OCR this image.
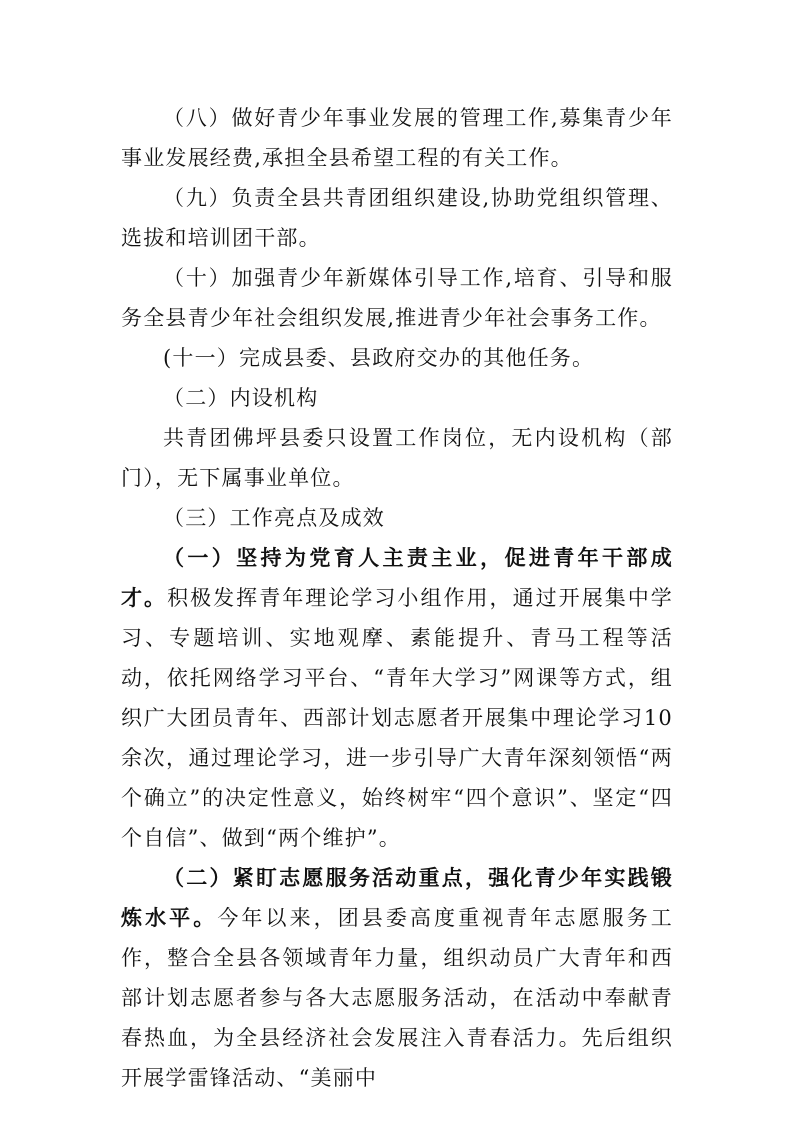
（八）做好青少年事业发展的管理工作,募集青少年事业发展经费,承担全县希望工程的有关工作。

（九）负责全县共青团组织建设,协助党组织管理、选拔和培训团干部。

（十）加强青少年新媒体引导工作,培育、引导和服务全县青少年社会组织发展,推进青少年社会事务工作。

(十一）完成县委、县政府交办的其他任务。

（二）内设机构

共青团佛坪县委只设置工作岗位，无内设机构（部门），无下属事业单位。

（三）工作亮点及成效

（一）坚持为党育人主责主业，促进青年干部成才。积极发挥青年理论学习小组作用，通过开展集中学习、专题培训、实地观摩、素能提升、青马工程等活动，依托网络学习平台、“青年大学习”网课等方式，组织广大团员青年、西部计划志愿者开展集中理论学习10余次，通过理论学习，进一步引导广大青年深刻领悟“两个确立”的决定性意义，始终树牢“四个意识”、坚定“四个自信”、做到“两个维护”。

（二）紧盯志愿服务活动重点，强化青少年实践锻炼水平。今年以来，团县委高度重视青年志愿服务工作，整合全县各领域青年力量，组织动员广大青年和西部计划志愿者参与各大志愿服务活动，在活动中奉献青春热血，为全县经济社会发展注入青春活力。先后组织开展学雷锋活动、“美丽中
